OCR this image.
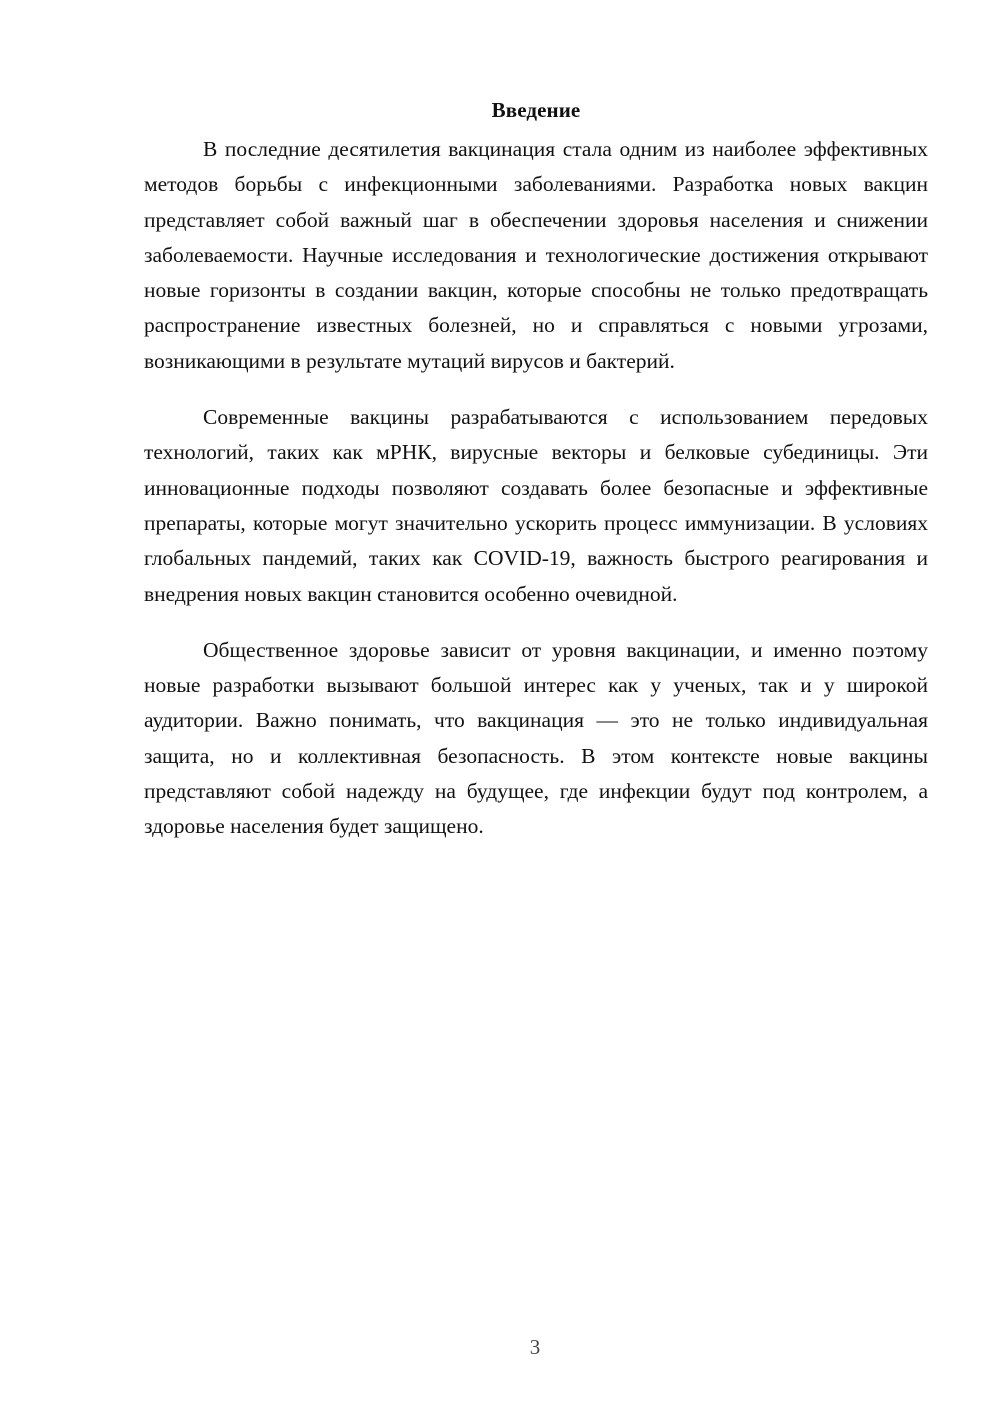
Введение

В последние десятилетия вакцинация стала одним из наиболее эффективных методов борьбы с инфекционными заболеваниями. Разработка новых вакцин представляет собой важный шаг в обеспечении здоровья населения и снижении заболеваемости. Научные исследования и технологические достижения открывают новые горизонты в создании вакцин, которые способны не только предотвращать распространение известных болезней, но и справляться с новыми угрозами, возникающими в результате мутаций вирусов и бактерий.

Современные вакцины разрабатываются с использованием передовых технологий, таких как мРНК, вирусные векторы и белковые субединицы. Эти инновационные подходы позволяют создавать более безопасные и эффективные препараты, которые могут значительно ускорить процесс иммунизации. В условиях глобальных пандемий, таких как COVID-19, важность быстрого реагирования и внедрения новых вакцин становится особенно очевидной.

Общественное здоровье зависит от уровня вакцинации, и именно поэтому новые разработки вызывают большой интерес как у ученых, так и у широкой аудитории. Важно понимать, что вакцинация — это не только индивидуальная защита, но и коллективная безопасность. В этом контексте новые вакцины представляют собой надежду на будущее, где инфекции будут под контролем, а здоровье населения будет защищено.

3
